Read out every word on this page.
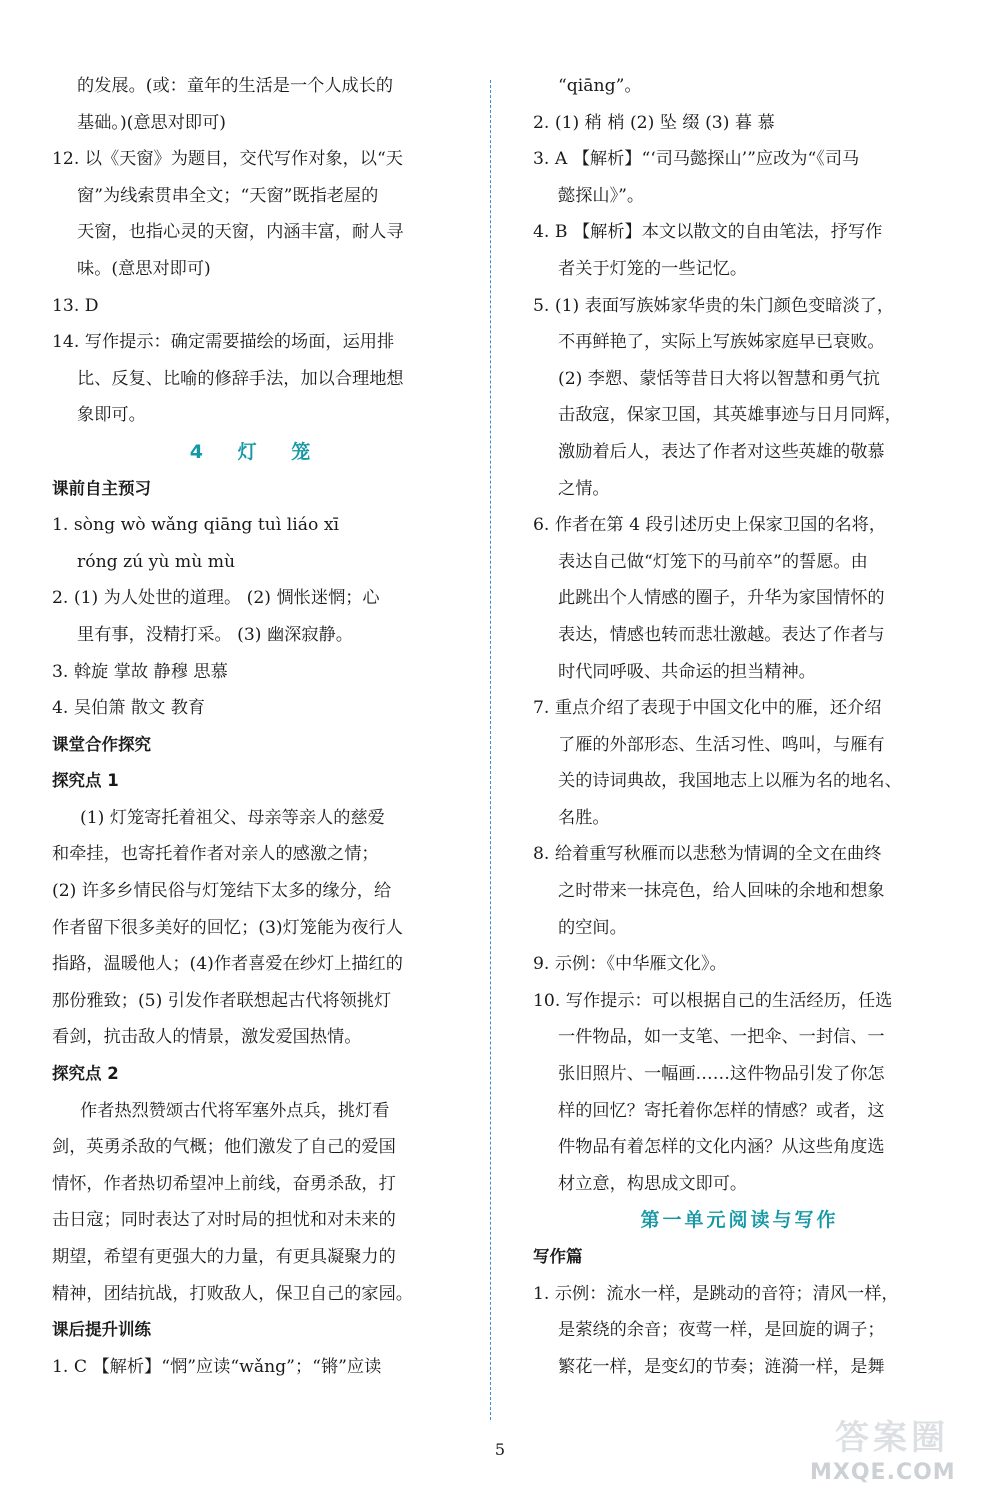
的发展。(或：童年的生活是一个人成长的
基础。)(意思对即可)
12. 以《天窗》为题目，交代写作对象，以“天
窗”为线索贯串全文；“天窗”既指老屋的
天窗，也指心灵的天窗，内涵丰富，耐人寻
味。(意思对即可)
13. D
14. 写作提示：确定需要描绘的场面，运用排
比、反复、比喻的修辞手法，加以合理地想
象即可。
4 灯 笼
课前自主预习
1. sòng wò wǎng qiāng tuì liáo xī
róng zú yù mù mù
2. (1) 为人处世的道理。 (2) 惆怅迷惘；心
里有事，没精打采。 (3) 幽深寂静。
3. 斡旋 掌故 静穆 思慕
4. 吴伯箫 散文 教育
课堂合作探究
探究点 1
(1) 灯笼寄托着祖父、母亲等亲人的慈爱
和牵挂，也寄托着作者对亲人的感激之情；
(2) 许多乡情民俗与灯笼结下太多的缘分，给
作者留下很多美好的回忆；(3)灯笼能为夜行人
指路，温暖他人；(4)作者喜爱在纱灯上描红的
那份雅致；(5) 引发作者联想起古代将领挑灯
看剑，抗击敌人的情景，激发爱国热情。
探究点 2
作者热烈赞颂古代将军塞外点兵，挑灯看
剑，英勇杀敌的气概；他们激发了自己的爱国
情怀，作者热切希望冲上前线，奋勇杀敌，打
击日寇；同时表达了对时局的担忧和对未来的
期望，希望有更强大的力量，有更具凝聚力的
精神，团结抗战，打败敌人，保卫自己的家园。
课后提升训练
1. C 【解析】“惘”应读“wǎng”；“锵”应读
“qiāng”。
2. (1) 稍 梢 (2) 坠 缀 (3) 暮 慕
3. A 【解析】“‘司马懿探山’”应改为“《司马
懿探山》”。
4. B 【解析】本文以散文的自由笔法，抒写作
者关于灯笼的一些记忆。
5. (1) 表面写族姊家华贵的朱门颜色变暗淡了，
不再鲜艳了，实际上写族姊家庭早已衰败。
(2) 李愬、蒙恬等昔日大将以智慧和勇气抗
击敌寇，保家卫国，其英雄事迹与日月同辉，
激励着后人，表达了作者对这些英雄的敬慕
之情。
6. 作者在第 4 段引述历史上保家卫国的名将，
表达自己做“灯笼下的马前卒”的誓愿。由
此跳出个人情感的圈子，升华为家国情怀的
表达，情感也转而悲壮激越。表达了作者与
时代同呼吸、共命运的担当精神。
7. 重点介绍了表现于中国文化中的雁，还介绍
了雁的外部形态、生活习性、鸣叫，与雁有
关的诗词典故，我国地志上以雁为名的地名、
名胜。
8. 给着重写秋雁而以悲愁为情调的全文在曲终
之时带来一抹亮色，给人回味的余地和想象
的空间。
9. 示例：《中华雁文化》。
10. 写作提示：可以根据自己的生活经历，任选
一件物品，如一支笔、一把伞、一封信、一
张旧照片、一幅画……这件物品引发了你怎
样的回忆？寄托着你怎样的情感？或者，这
件物品有着怎样的文化内涵？从这些角度选
材立意，构思成文即可。
第一单元阅读与写作
写作篇
1. 示例：流水一样，是跳动的音符；清风一样，
是萦绕的余音；夜莺一样，是回旋的调子；
繁花一样，是变幻的节奏；涟漪一样，是舞
5	答案圈
MXQE.COM
